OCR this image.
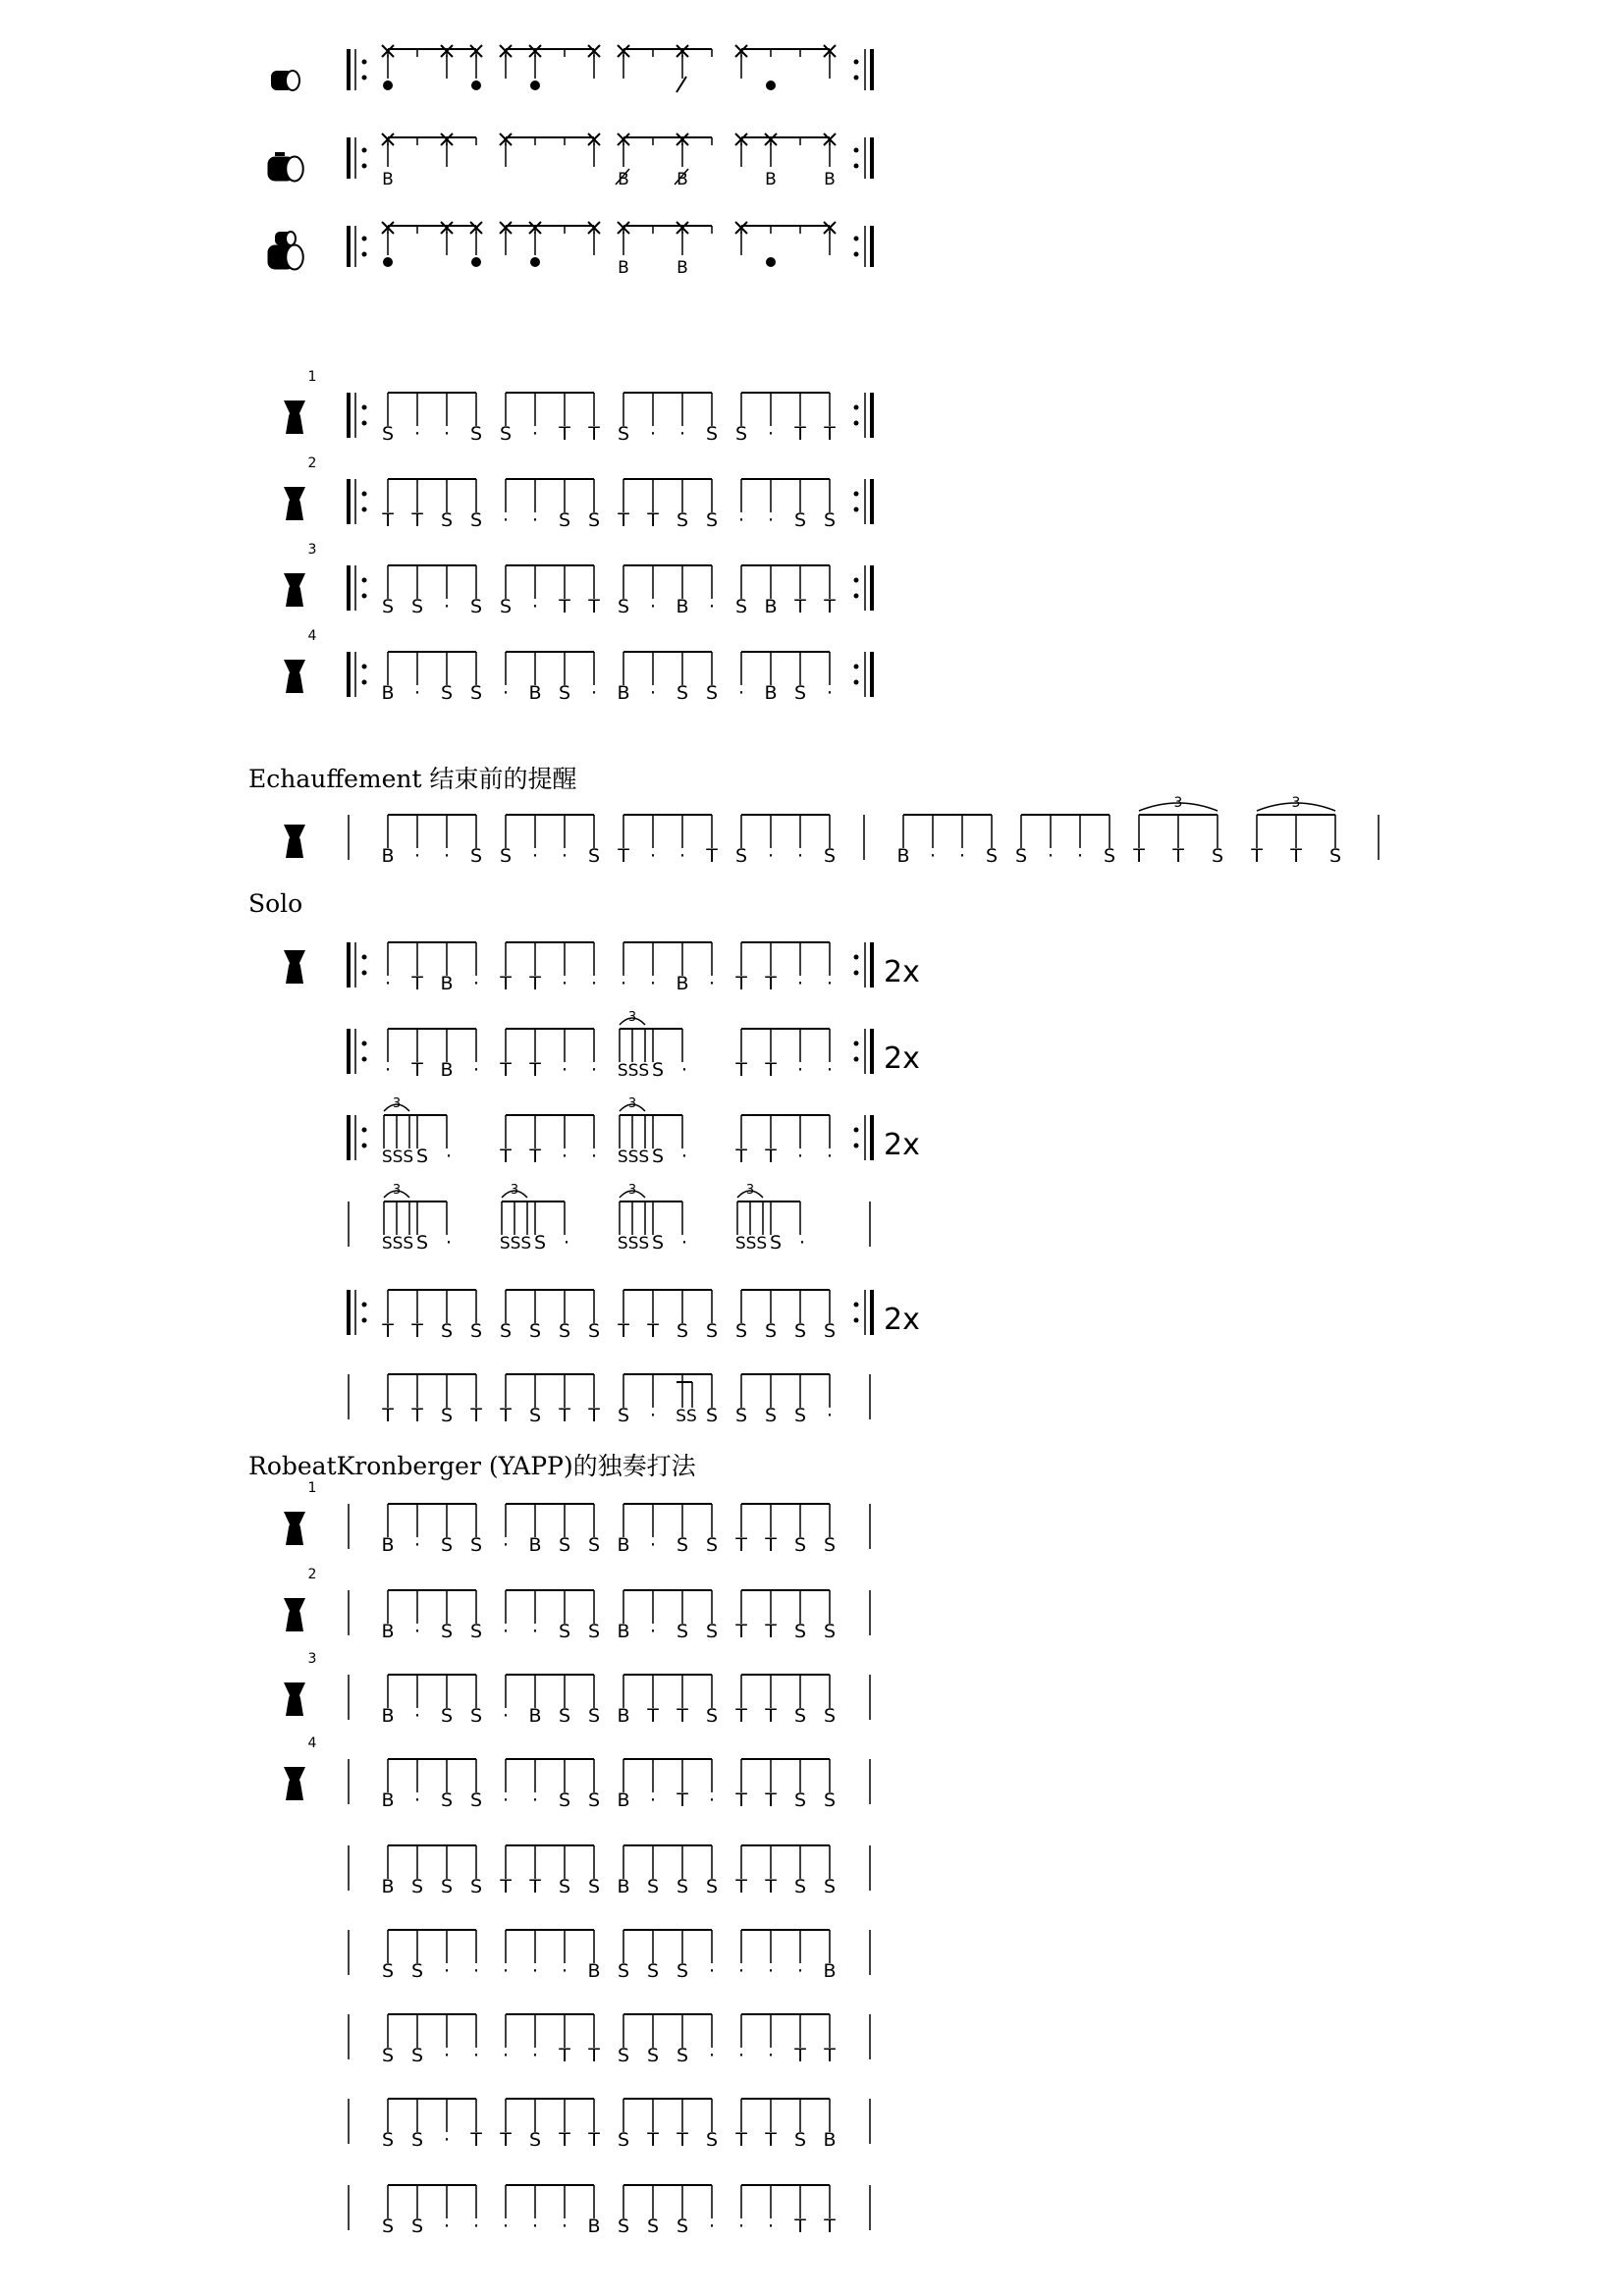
Echauffement 结束前的提醒
Solo
RobeatKronberger (YAPP)的独奏打法
B	B	B	B	B
B	B
S · · S S · T T S · · S S · T T
1
T T S S · · S S T T S S · · S S
2
S S · S S · T T S · B · S B T T
3
B · S S · B S · B · S S · B S ·
4
B · · S S · · S T · · T S · · S	B · · S S · · S
3
T T S
3
T T S
2x
· T B · T T · · · · B · T T · ·
2x
· T B · T T · ·
3
SSS S ·	T T · ·
2x
3
SSS S ·	T T · ·
3
SSS S ·	T T · ·
3
SSS S ·
3
SSS S ·
3
SSS S ·
3
SSS S ·
2x
T T S S S S S S T T S S S S S S
T T S T T S T T S · SS S S S S ·
B · S S · B S S B · S S T T S S
1
B · S S · · S S B · S S T T S S
2
B · S S · B S S B T T S T T S S
3
B · S S · · S S B · T · T T S S
4
B S S S T T S S B S S S T T S S
S S · · · · · B S S S · · · · B
S S · · · · T T S S S · · · T T
S S · T T S T T S T T S T T S B
S S · · · · · B S S S · · · T T
